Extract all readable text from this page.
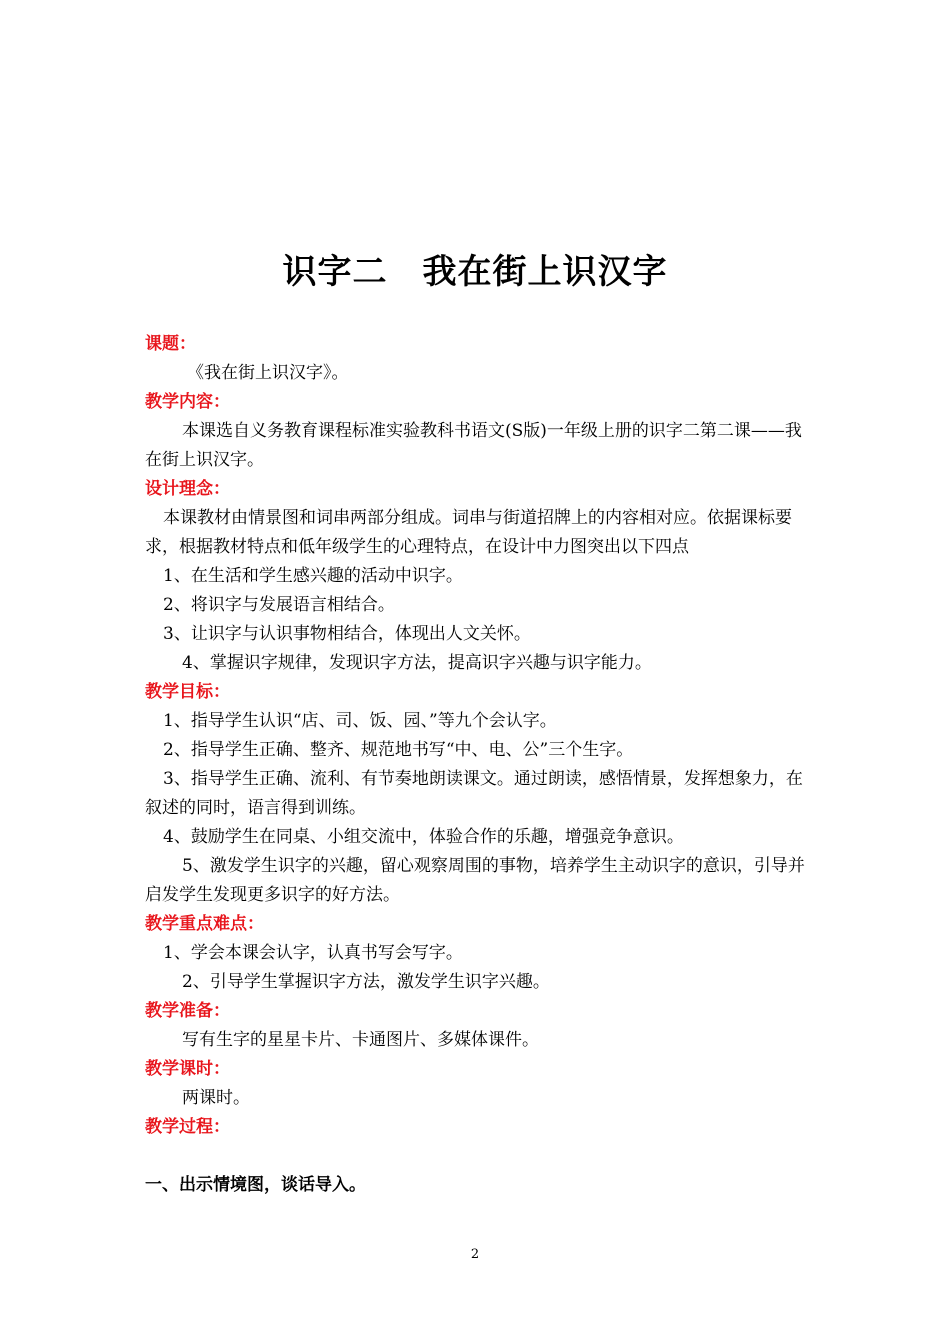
识字二　我在街上识汉字
课题：
《我在街上识汉字》。
教学内容：
本课选自义务教育课程标准实验教科书语文(S版)一年级上册的识字二第二课——我在街上识汉字。
设计理念：
本课教材由情景图和词串两部分组成。词串与街道招牌上的内容相对应。依据课标要求，根据教材特点和低年级学生的心理特点，在设计中力图突出以下四点
1、在生活和学生感兴趣的活动中识字。
2、将识字与发展语言相结合。
3、让识字与认识事物相结合，体现出人文关怀。
4、掌握识字规律，发现识字方法，提高识字兴趣与识字能力。
教学目标：
1、指导学生认识“店、司、饭、园、”等九个会认字。
2、指导学生正确、整齐、规范地书写“中、电、公”三个生字。
3、指导学生正确、流利、有节奏地朗读课文。通过朗读，感悟情景，发挥想象力，在叙述的同时，语言得到训练。
4、鼓励学生在同桌、小组交流中，体验合作的乐趣，增强竞争意识。
5、激发学生识字的兴趣，留心观察周围的事物，培养学生主动识字的意识，引导并启发学生发现更多识字的好方法。
教学重点难点：
1、学会本课会认字，认真书写会写字。
2、引导学生掌握识字方法，激发学生识字兴趣。
教学准备：
写有生字的星星卡片、卡通图片、多媒体课件。
教学课时：
两课时。
教学过程：
一、出示情境图，谈话导入。
2
